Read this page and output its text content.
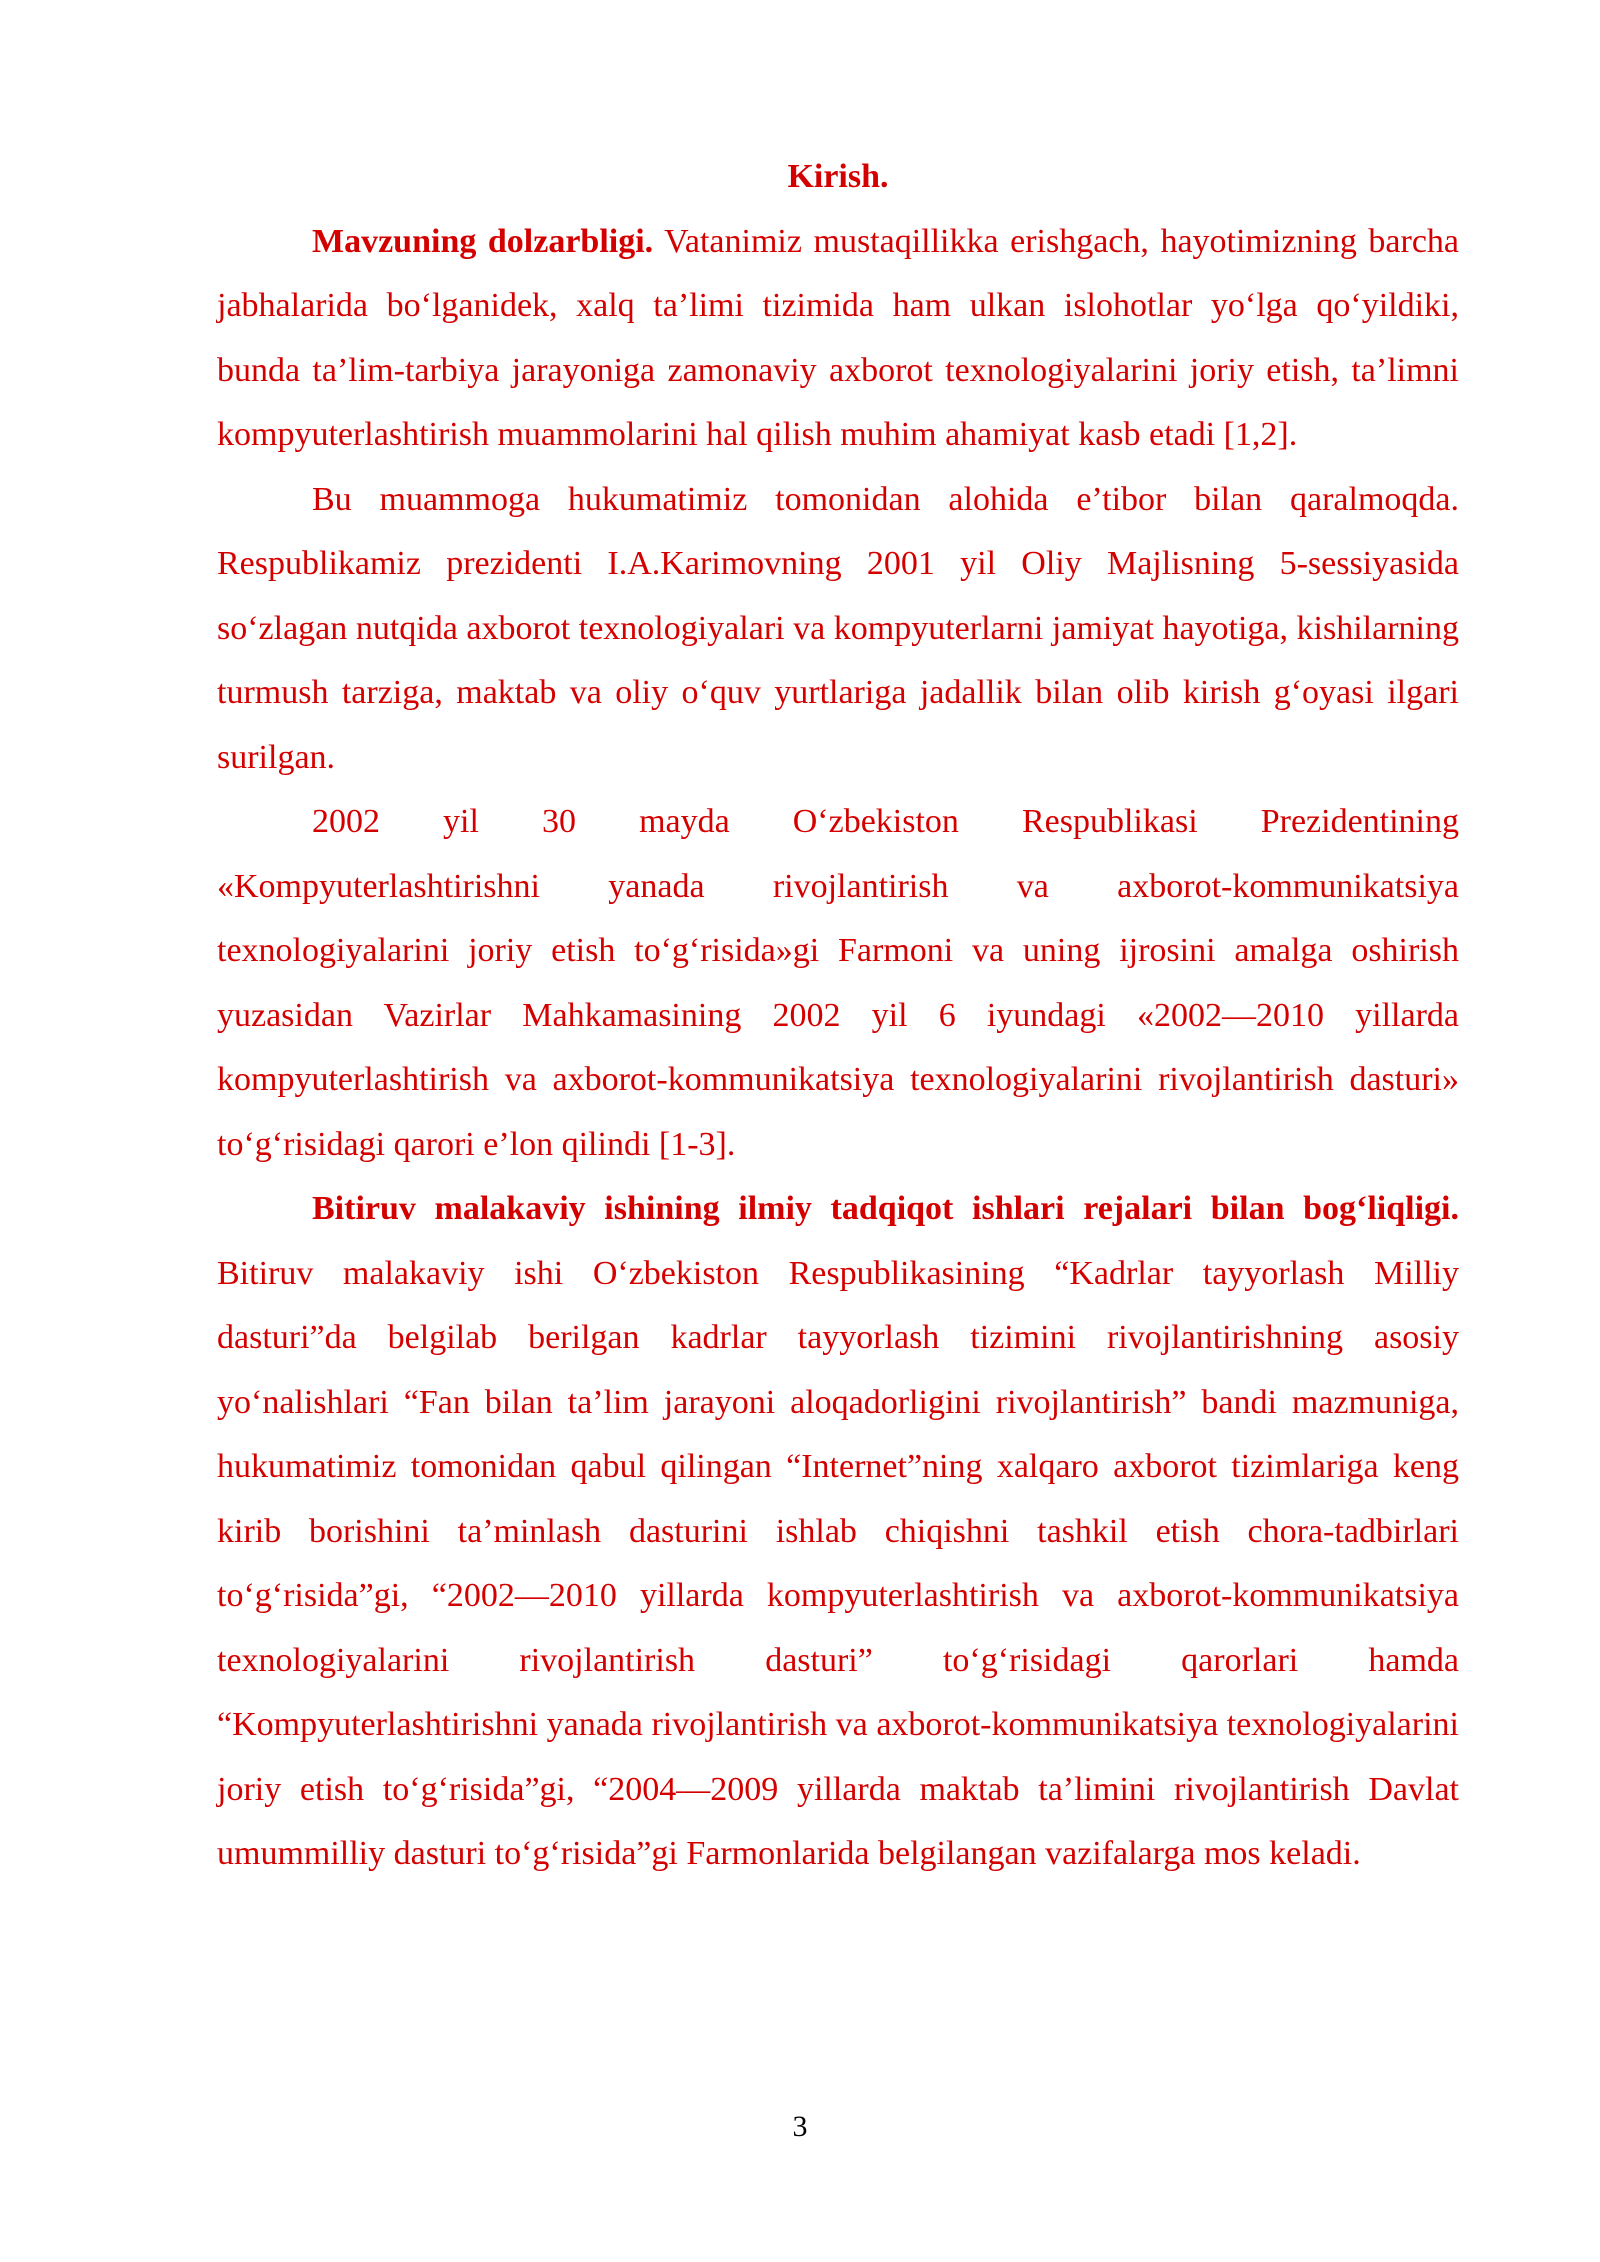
Kirish.

Mavzuning dolzarbligi. Vatanimiz mustaqillikka erishgach, hayotimizning barcha jabhalarida bo‘lganidek, xalq ta’limi tizimida ham ulkan islohotlar yo‘lga qo‘yildiki, bunda ta’lim-tarbiya jarayoniga zamonaviy axborot texnologiyalarini joriy etish, ta’limni kompyuterlashtirish muammolarini hal qilish muhim ahamiyat kasb etadi [1,2].

Bu muammoga hukumatimiz tomonidan alohida e’tibor bilan qaralmoqda. Respublikamiz prezidenti I.A.Karimovning 2001 yil Oliy Majlisning 5-sessiyasida so‘zlagan nutqida axborot texnologiyalari va kompyuterlarni jamiyat hayotiga, kishilarning turmush tarziga, maktab va oliy o‘quv yurtlariga jadallik bilan olib kirish g‘oyasi ilgari surilgan.

2002 yil 30 mayda O‘zbekiston Respublikasi Prezidentining «Kompyuterlashtirishni yanada rivojlantirish va axborot-kommunikatsiya texnologiyalarini joriy etish to‘g‘risida»gi Farmoni va uning ijrosini amalga oshirish yuzasidan Vazirlar Mahkamasining 2002 yil 6 iyundagi «2002—2010 yillarda kompyuterlashtirish va axborot-kommunikatsiya texnologiyalarini rivojlantirish dasturi» to‘g‘risidagi qarori e’lon qilindi [1-3].

Bitiruv malakaviy ishining ilmiy tadqiqot ishlari rejalari bilan bog‘liqligi. Bitiruv malakaviy ishi O‘zbekiston Respublikasining “Kadrlar tayyorlash Milliy dasturi”da belgilab berilgan kadrlar tayyorlash tizimini rivojlantirishning asosiy yo‘nalishlari “Fan bilan ta’lim jarayoni aloqadorligini rivojlantirish” bandi mazmuniga, hukumatimiz tomonidan qabul qilingan “Internet”ning xalqaro axborot tizimlariga keng kirib borishini ta’minlash dasturini ishlab chiqishni tashkil etish chora-tadbirlari to‘g‘risida”gi, “2002—2010 yillarda kompyuterlashtirish va axborot-kommunikatsiya texnologiyalarini rivojlantirish dasturi” to‘g‘risidagi qarorlari hamda “Kompyuterlashtirishni yanada rivojlantirish va axborot-kommunikatsiya texnologiyalarini joriy etish to‘g‘risida”gi, “2004—2009 yillarda maktab ta’limini rivojlantirish Davlat umummilliy dasturi to‘g‘risida”gi Farmonlarida belgilangan vazifalarga mos keladi.

3
